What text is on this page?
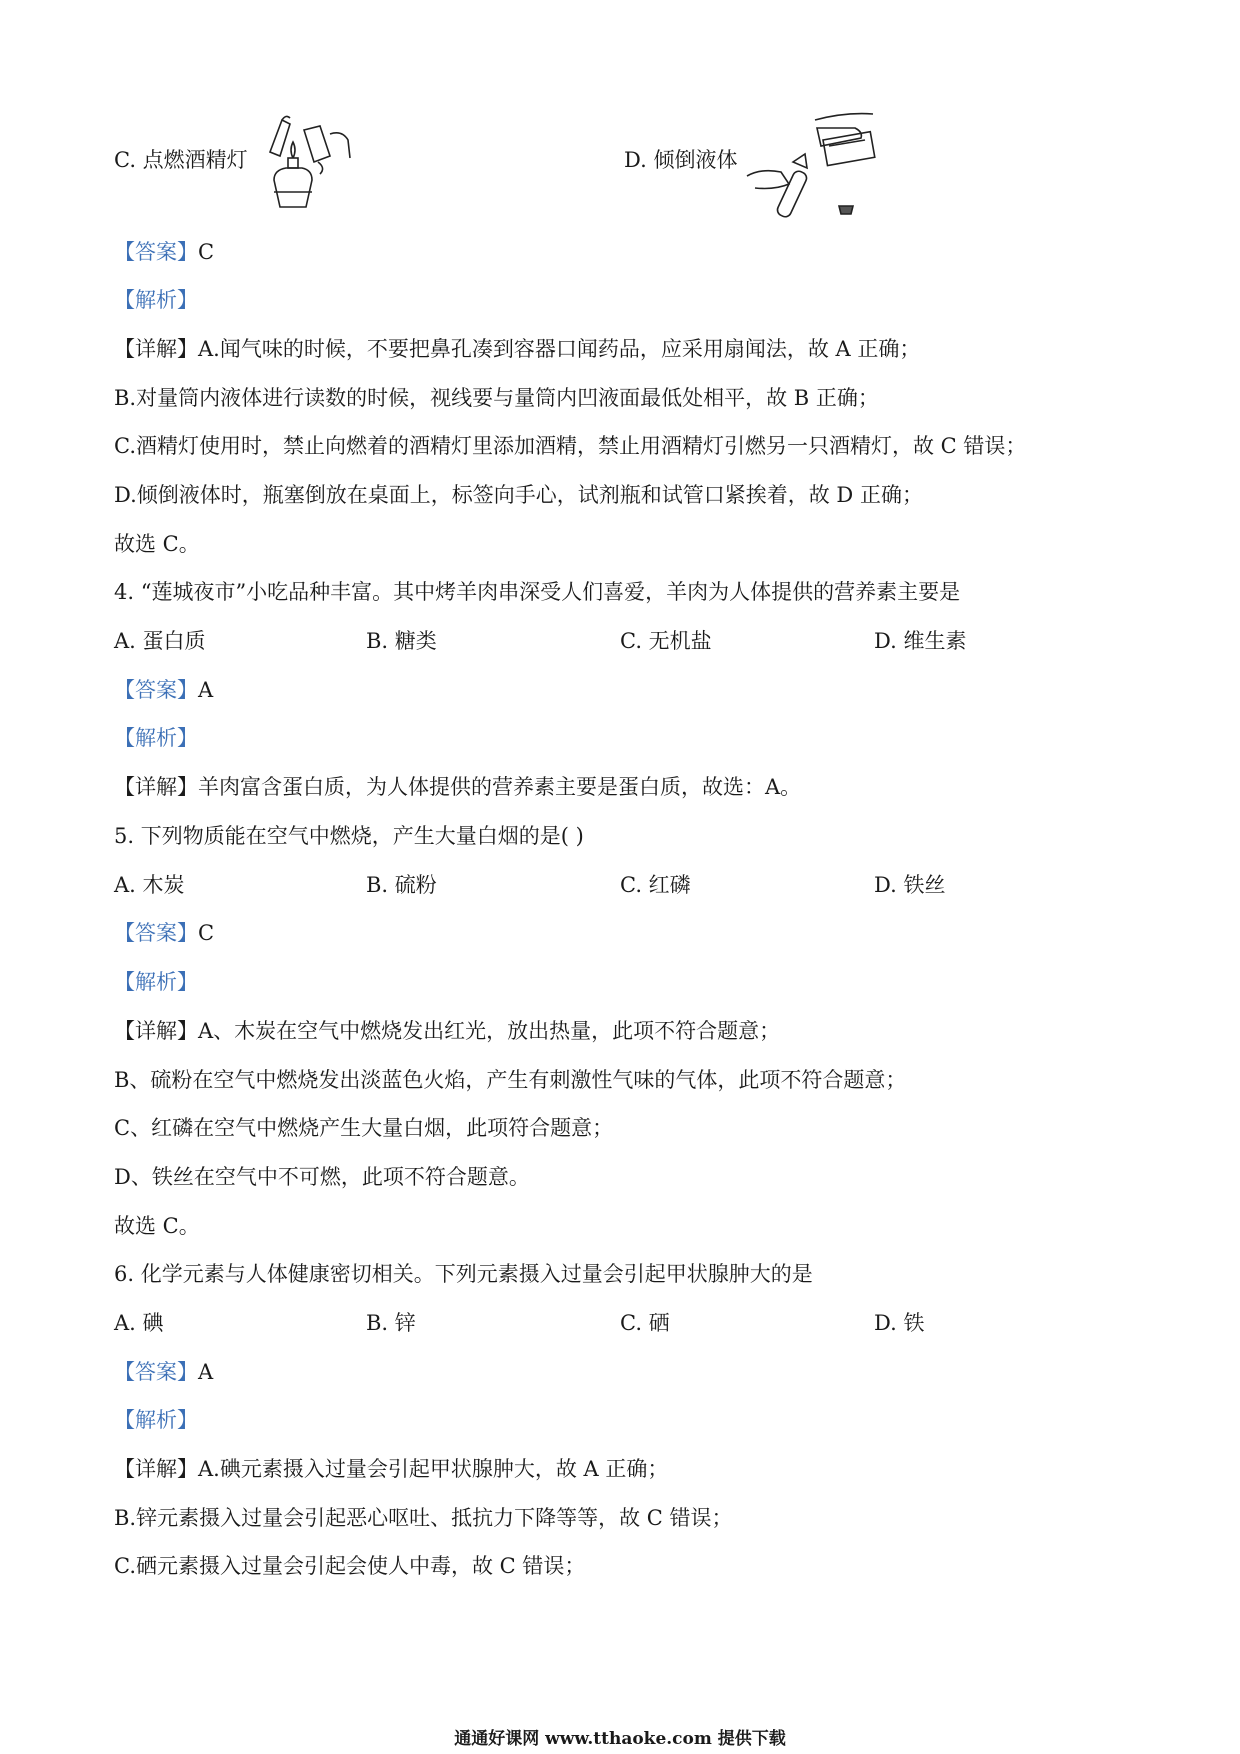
C. 点燃酒精灯	D. 倾倒液体
【答案】C
【解析】
【详解】A.闻气味的时候，不要把鼻孔凑到容器口闻药品，应采用扇闻法，故 A 正确；
B.对量筒内液体进行读数的时候，视线要与量筒内凹液面最低处相平，故 B 正确；
C.酒精灯使用时，禁止向燃着的酒精灯里添加酒精，禁止用酒精灯引燃另一只酒精灯，故 C 错误；
D.倾倒液体时，瓶塞倒放在桌面上，标签向手心，试剂瓶和试管口紧挨着，故 D 正确；
故选 C。
4. “莲城夜市”小吃品种丰富。其中烤羊肉串深受人们喜爱，羊肉为人体提供的营养素主要是
A. 蛋白质	B. 糖类	C. 无机盐	D. 维生素
【答案】A
【解析】
【详解】羊肉富含蛋白质，为人体提供的营养素主要是蛋白质，故选：A。
5. 下列物质能在空气中燃烧，产生大量白烟的是( )
A. 木炭	B. 硫粉	C. 红磷	D. 铁丝
【答案】C
【解析】
【详解】A、木炭在空气中燃烧发出红光，放出热量，此项不符合题意；
B、硫粉在空气中燃烧发出淡蓝色火焰，产生有刺激性气味的气体，此项不符合题意；
C、红磷在空气中燃烧产生大量白烟，此项符合题意；
D、铁丝在空气中不可燃，此项不符合题意。
故选 C。
6. 化学元素与人体健康密切相关。下列元素摄入过量会引起甲状腺肿大的是
A. 碘	B. 锌	C. 硒	D. 铁
【答案】A
【解析】
【详解】A.碘元素摄入过量会引起甲状腺肿大，故 A 正确；
B.锌元素摄入过量会引起恶心呕吐、抵抗力下降等等，故 C 错误；
C.硒元素摄入过量会引起会使人中毒，故 C 错误；
通通好课网 www.tthaoke.com 提供下载
